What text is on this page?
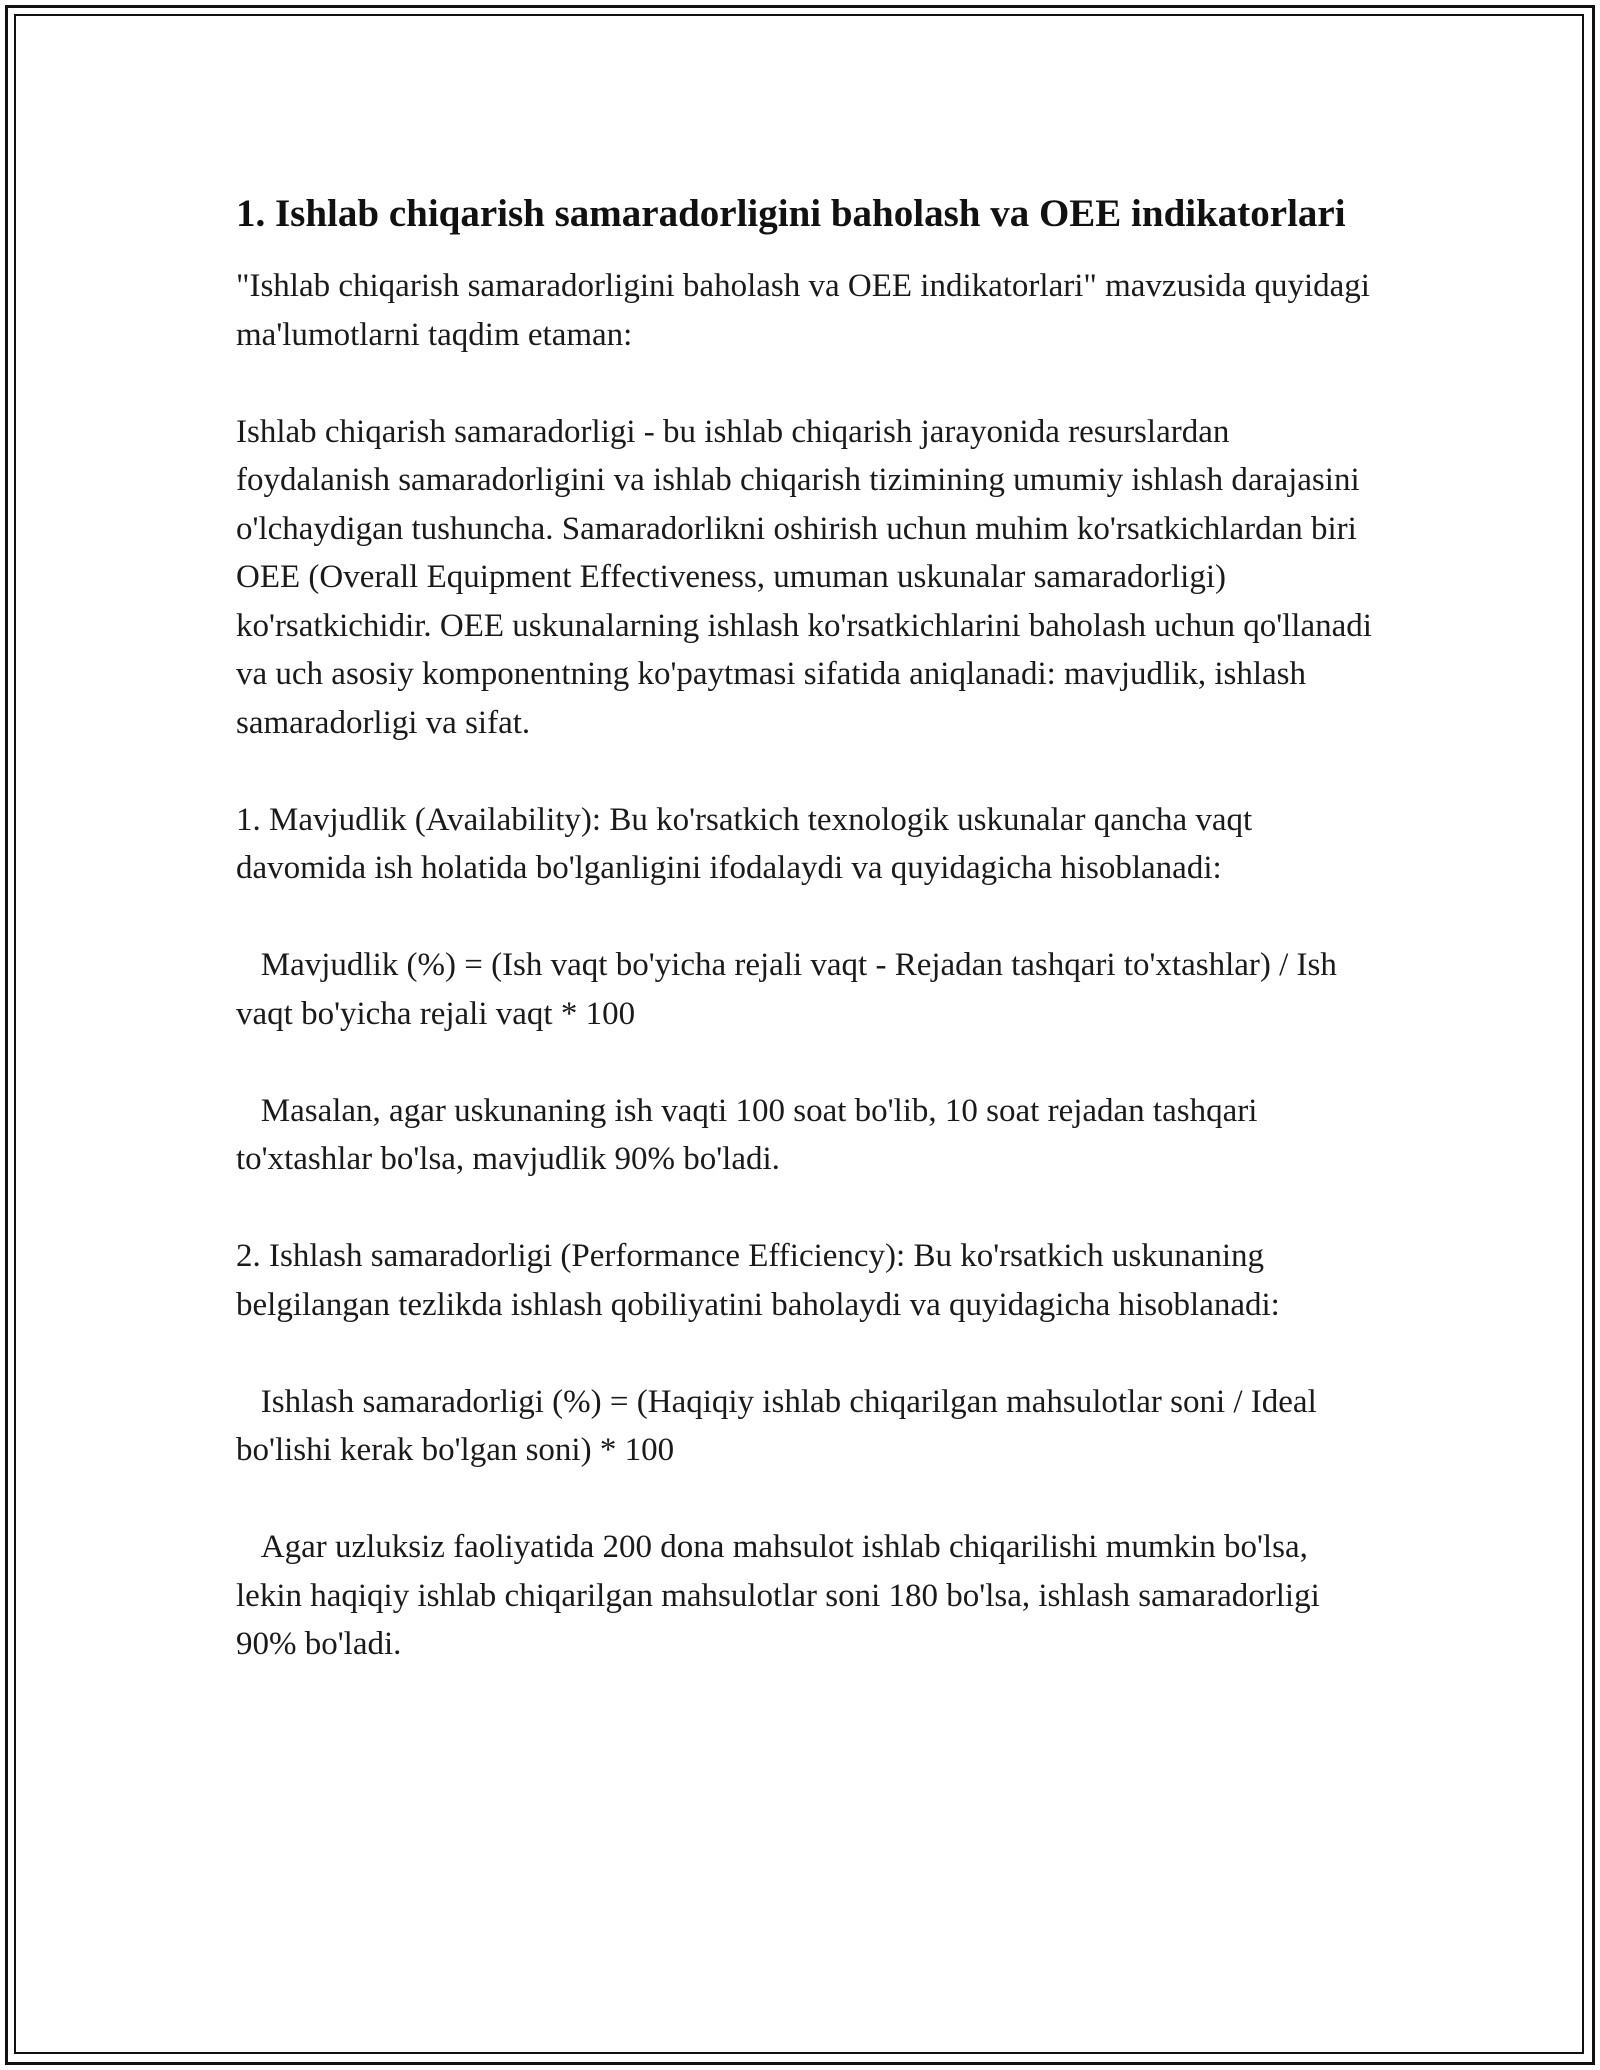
1. Ishlab chiqarish samaradorligini baholash va OEE indikatorlari

"Ishlab chiqarish samaradorligini baholash va OEE indikatorlari" mavzusida quyidagi ma'lumotlarni taqdim etaman:

Ishlab chiqarish samaradorligi - bu ishlab chiqarish jarayonida resurslardan foydalanish samaradorligini va ishlab chiqarish tizimining umumiy ishlash darajasini o'lchaydigan tushuncha. Samaradorlikni oshirish uchun muhim ko'rsatkichlardan biri OEE (Overall Equipment Effectiveness, umuman uskunalar samaradorligi) ko'rsatkichidir. OEE uskunalarning ishlash ko'rsatkichlarini baholash uchun qo'llanadi va uch asosiy komponentning ko'paytmasi sifatida aniqlanadi: mavjudlik, ishlash samaradorligi va sifat.

1. Mavjudlik (Availability): Bu ko'rsatkich texnologik uskunalar qancha vaqt davomida ish holatida bo'lganligini ifodalaydi va quyidagicha hisoblanadi:

Mavjudlik (%) = (Ish vaqt bo'yicha rejali vaqt - Rejadan tashqari to'xtashlar) / Ish vaqt bo'yicha rejali vaqt * 100

Masalan, agar uskunaning ish vaqti 100 soat bo'lib, 10 soat rejadan tashqari to'xtashlar bo'lsa, mavjudlik 90% bo'ladi.

2. Ishlash samaradorligi (Performance Efficiency): Bu ko'rsatkich uskunaning belgilangan tezlikda ishlash qobiliyatini baholaydi va quyidagicha hisoblanadi:

Ishlash samaradorligi (%) = (Haqiqiy ishlab chiqarilgan mahsulotlar soni / Ideal bo'lishi kerak bo'lgan soni) * 100

Agar uzluksiz faoliyatida 200 dona mahsulot ishlab chiqarilishi mumkin bo'lsa, lekin haqiqiy ishlab chiqarilgan mahsulotlar soni 180 bo'lsa, ishlash samaradorligi 90% bo'ladi.
